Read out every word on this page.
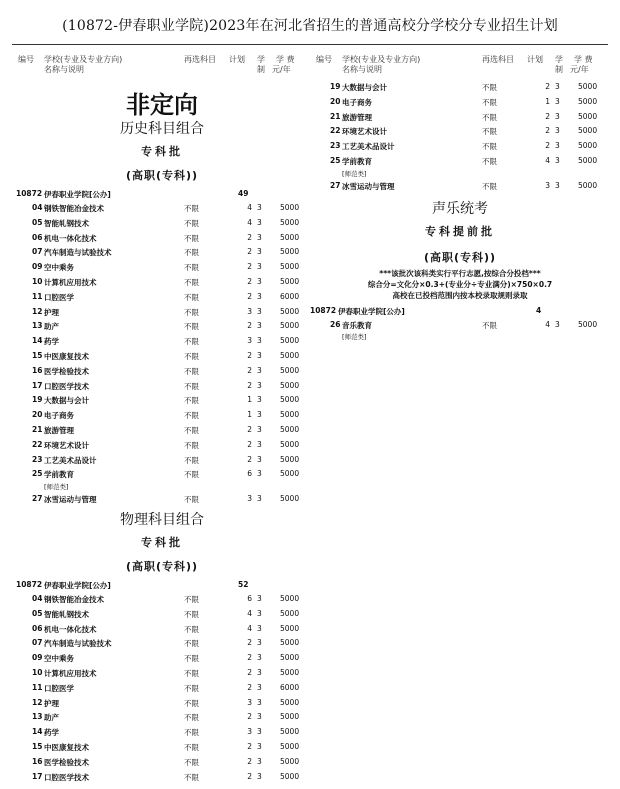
(10872-伊春职业学院)2023年在河北省招生的普通高校分学校分专业招生计划
编号 学校(专业及专业方向)
名称与说明
再选科目 计划 学
制
学 费
元/年
非定向
历史科目组合
专科批
(高职(专科))
10872 伊春职业学院[公办]	49
04 钢铁智能冶金技术	不限	4 3 5000
05 智能轧钢技术	不限	4 3 5000
06 机电一体化技术	不限	2 3 5000
07 汽车制造与试验技术	不限	2 3 5000
09 空中乘务	不限	2 3 5000
10 计算机应用技术	不限	2 3 5000
11 口腔医学	不限	2 3 6000
12 护理	不限	3 3 5000
13 助产	不限	2 3 5000
14 药学	不限	3 3 5000
15 中医康复技术	不限	2 3 5000
16 医学检验技术	不限	2 3 5000
17 口腔医学技术	不限	2 3 5000
19 大数据与会计	不限	1 3 5000
20 电子商务	不限	1 3 5000
21 旅游管理	不限	2 3 5000
22 环境艺术设计	不限	2 3 5000
23 工艺美术品设计	不限	2 3 5000
25 学前教育	不限	6 3 5000
[师范类]
27 冰雪运动与管理	不限	3 3 5000
物理科目组合
专科批
(高职(专科))
10872 伊春职业学院[公办]	52
04 钢铁智能冶金技术	不限	6 3 5000
05 智能轧钢技术	不限	4 3 5000
06 机电一体化技术	不限	4 3 5000
07 汽车制造与试验技术	不限	2 3 5000
09 空中乘务	不限	2 3 5000
10 计算机应用技术	不限	2 3 5000
11 口腔医学	不限	2 3 6000
12 护理	不限	3 3 5000
13 助产	不限	2 3 5000
14 药学	不限	3 3 5000
15 中医康复技术	不限	2 3 5000
16 医学检验技术	不限	2 3 5000
17 口腔医学技术	不限	2 3 5000
编号 学校(专业及专业方向)
名称与说明
再选科目 计划 学
制
学 费
元/年
19 大数据与会计	不限	2 3 5000
20 电子商务	不限	1 3 5000
21 旅游管理	不限	2 3 5000
22 环境艺术设计	不限	2 3 5000
23 工艺美术品设计	不限	2 3 5000
25 学前教育	不限	4 3 5000
[师范类]
27 冰雪运动与管理	不限	3 3 5000
声乐统考
专科提前批
(高职(专科))
***该批次该科类实行平行志愿,按综合分投档***
综合分=文化分×0.3+(专业分÷专业满分)×750×0.7
高校在已投档范围内按本校录取规则录取
10872 伊春职业学院[公办]	4
26 音乐教育	不限	4 3 5000
[师范类]
